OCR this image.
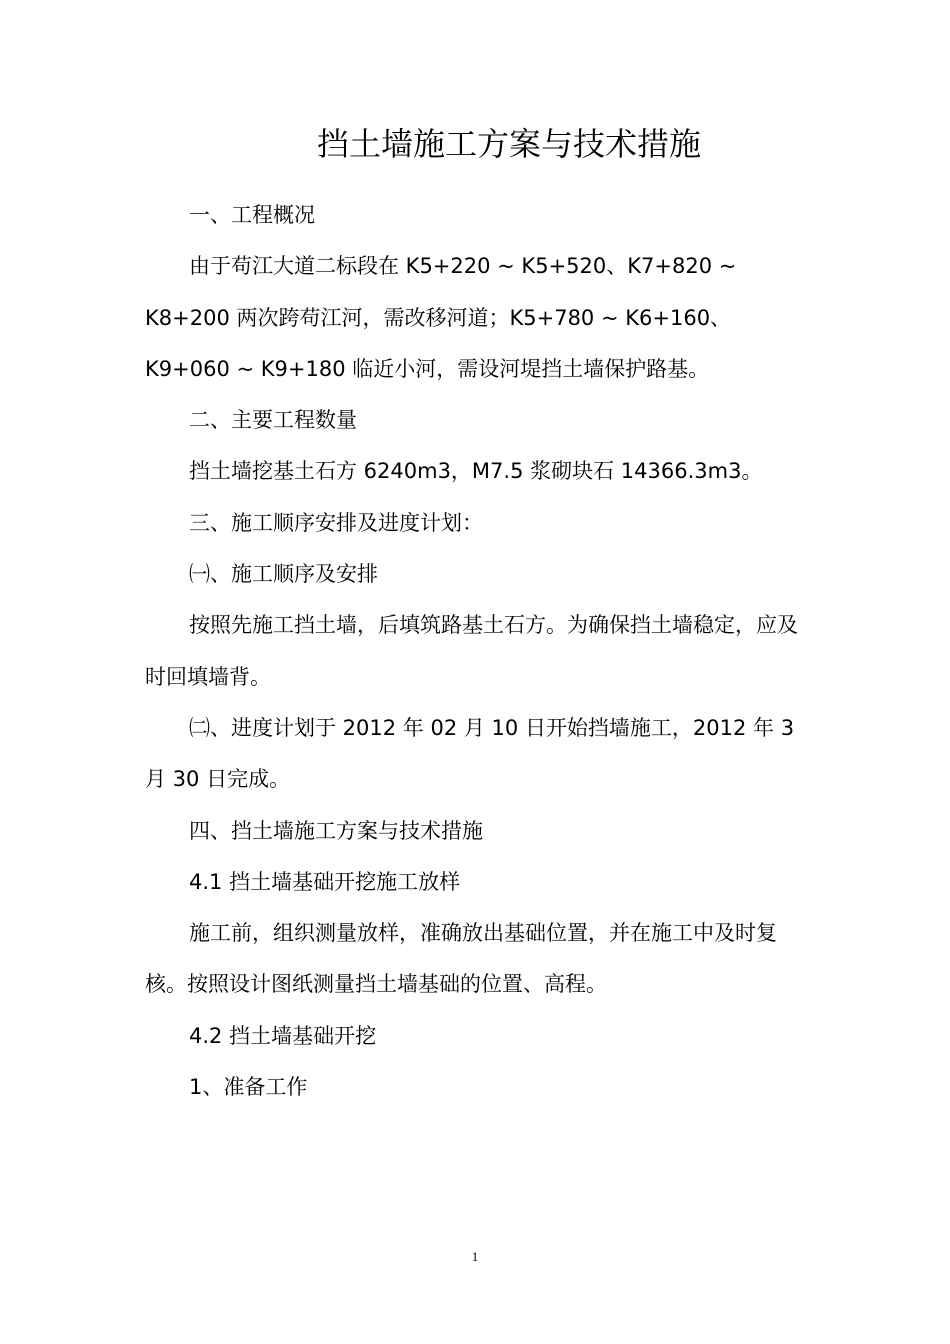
挡土墙施工方案与技术措施

一、工程概况

由于苟江大道二标段在 K5+220 ~ K5+520、K7+820 ~ K8+200 两次跨苟江河，需改移河道；K5+780 ~ K6+160、K9+060 ~ K9+180 临近小河，需设河堤挡土墙保护路基。

二、主要工程数量

挡土墙挖基土石方 6240m3，M7.5 浆砌块石 14366.3m3。

三、施工顺序安排及进度计划：

㈠、施工顺序及安排

按照先施工挡土墙，后填筑路基土石方。为确保挡土墙稳定，应及时回填墙背。

㈡、进度计划于 2012 年 02 月 10 日开始挡墙施工，2012 年 3 月 30 日完成。

四、挡土墙施工方案与技术措施

4.1 挡土墙基础开挖施工放样

施工前，组织测量放样，准确放出基础位置，并在施工中及时复核。按照设计图纸测量挡土墙基础的位置、高程。

4.2 挡土墙基础开挖

1、准备工作

1
